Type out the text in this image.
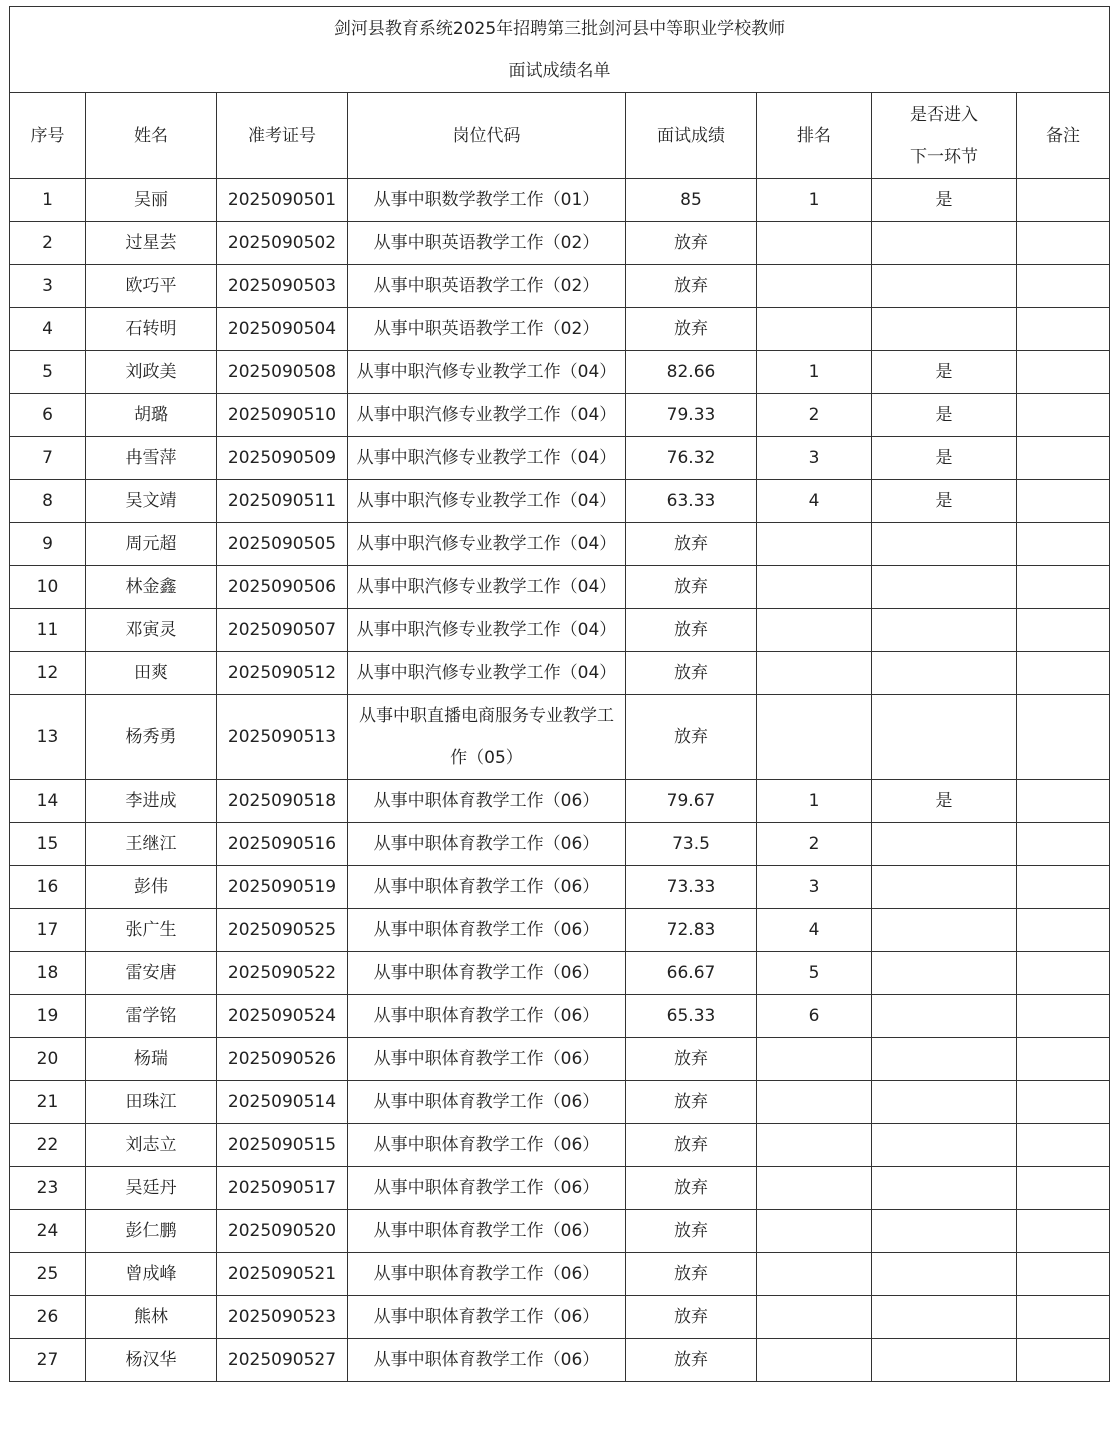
剑河县教育系统2025年招聘第三批剑河县中等职业学校教师
面试成绩名单							

序号	姓名	准考证号	岗位代码	面试成绩	排名	是否进入
下一环节	备注
1	吴丽	2025090501	从事中职数学教学工作（01）	85	1	是	
2	过星芸	2025090502	从事中职英语教学工作（02）	放弃			
3	欧巧平	2025090503	从事中职英语教学工作（02）	放弃			
4	石转明	2025090504	从事中职英语教学工作（02）	放弃			
5	刘政美	2025090508	从事中职汽修专业教学工作（04）	82.66	1	是	
6	胡璐	2025090510	从事中职汽修专业教学工作（04）	79.33	2	是	
7	冉雪萍	2025090509	从事中职汽修专业教学工作（04）	76.32	3	是	
8	吴文靖	2025090511	从事中职汽修专业教学工作（04）	63.33	4	是	
9	周元超	2025090505	从事中职汽修专业教学工作（04）	放弃			
10	林金鑫	2025090506	从事中职汽修专业教学工作（04）	放弃			
11	邓寅灵	2025090507	从事中职汽修专业教学工作（04）	放弃			
12	田爽	2025090512	从事中职汽修专业教学工作（04）	放弃			
13	杨秀勇	2025090513	从事中职直播电商服务专业教学工
作（05）	放弃			
14	李进成	2025090518	从事中职体育教学工作（06）	79.67	1	是	
15	王继江	2025090516	从事中职体育教学工作（06）	73.5	2		
16	彭伟	2025090519	从事中职体育教学工作（06）	73.33	3		
17	张广生	2025090525	从事中职体育教学工作（06）	72.83	4		
18	雷安唐	2025090522	从事中职体育教学工作（06）	66.67	5		
19	雷学铭	2025090524	从事中职体育教学工作（06）	65.33	6		
20	杨瑞	2025090526	从事中职体育教学工作（06）	放弃			
21	田珠江	2025090514	从事中职体育教学工作（06）	放弃			
22	刘志立	2025090515	从事中职体育教学工作（06）	放弃			
23	吴廷丹	2025090517	从事中职体育教学工作（06）	放弃			
24	彭仁鹏	2025090520	从事中职体育教学工作（06）	放弃			
25	曾成峰	2025090521	从事中职体育教学工作（06）	放弃			
26	熊林	2025090523	从事中职体育教学工作（06）	放弃			
27	杨汉华	2025090527	从事中职体育教学工作（06）	放弃			
